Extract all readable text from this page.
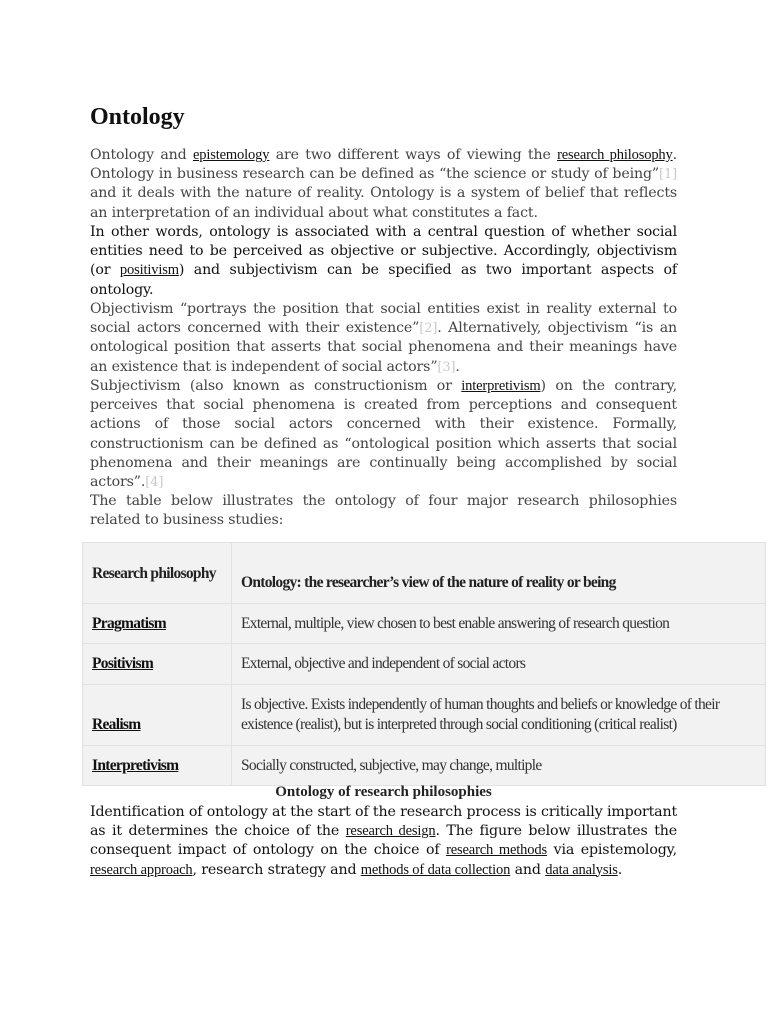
Ontology

Ontology and epistemology are two different ways of viewing the research philosophy. Ontology in business research can be defined as “the science or study of being”[1] and it deals with the nature of reality. Ontology is a system of belief that reflects an interpretation of an individual about what constitutes a fact.

In other words, ontology is associated with a central question of whether social entities need to be perceived as objective or subjective. Accordingly, objectivism (or positivism) and subjectivism can be specified as two important aspects of ontology.

Objectivism “portrays the position that social entities exist in reality external to social actors concerned with their existence”[2]. Alternatively, objectivism “is an ontological position that asserts that social phenomena and their meanings have an existence that is independent of social actors”[3].

Subjectivism (also known as constructionism or interpretivism) on the contrary, perceives that social phenomena is created from perceptions and consequent actions of those social actors concerned with their existence. Formally, constructionism can be defined as “ontological position which asserts that social phenomena and their meanings are continually being accomplished by social actors”.[4]

The table below illustrates the ontology of four major research philosophies related to business studies:

Research philosophy	Ontology: the researcher’s view of the nature of reality or being
Pragmatism	External, multiple, view chosen to best enable answering of research question
Positivism	External, objective and independent of social actors
Realism	Is objective. Exists independently of human thoughts and beliefs or knowledge of their existence (realist), but is interpreted through social conditioning (critical realist)
Interpretivism	Socially constructed, subjective, may change, multiple

Ontology of research philosophies

Identification of ontology at the start of the research process is critically important as it determines the choice of the research design. The figure below illustrates the consequent impact of ontology on the choice of research methods via epistemology, research approach, research strategy and methods of data collection and data analysis.
